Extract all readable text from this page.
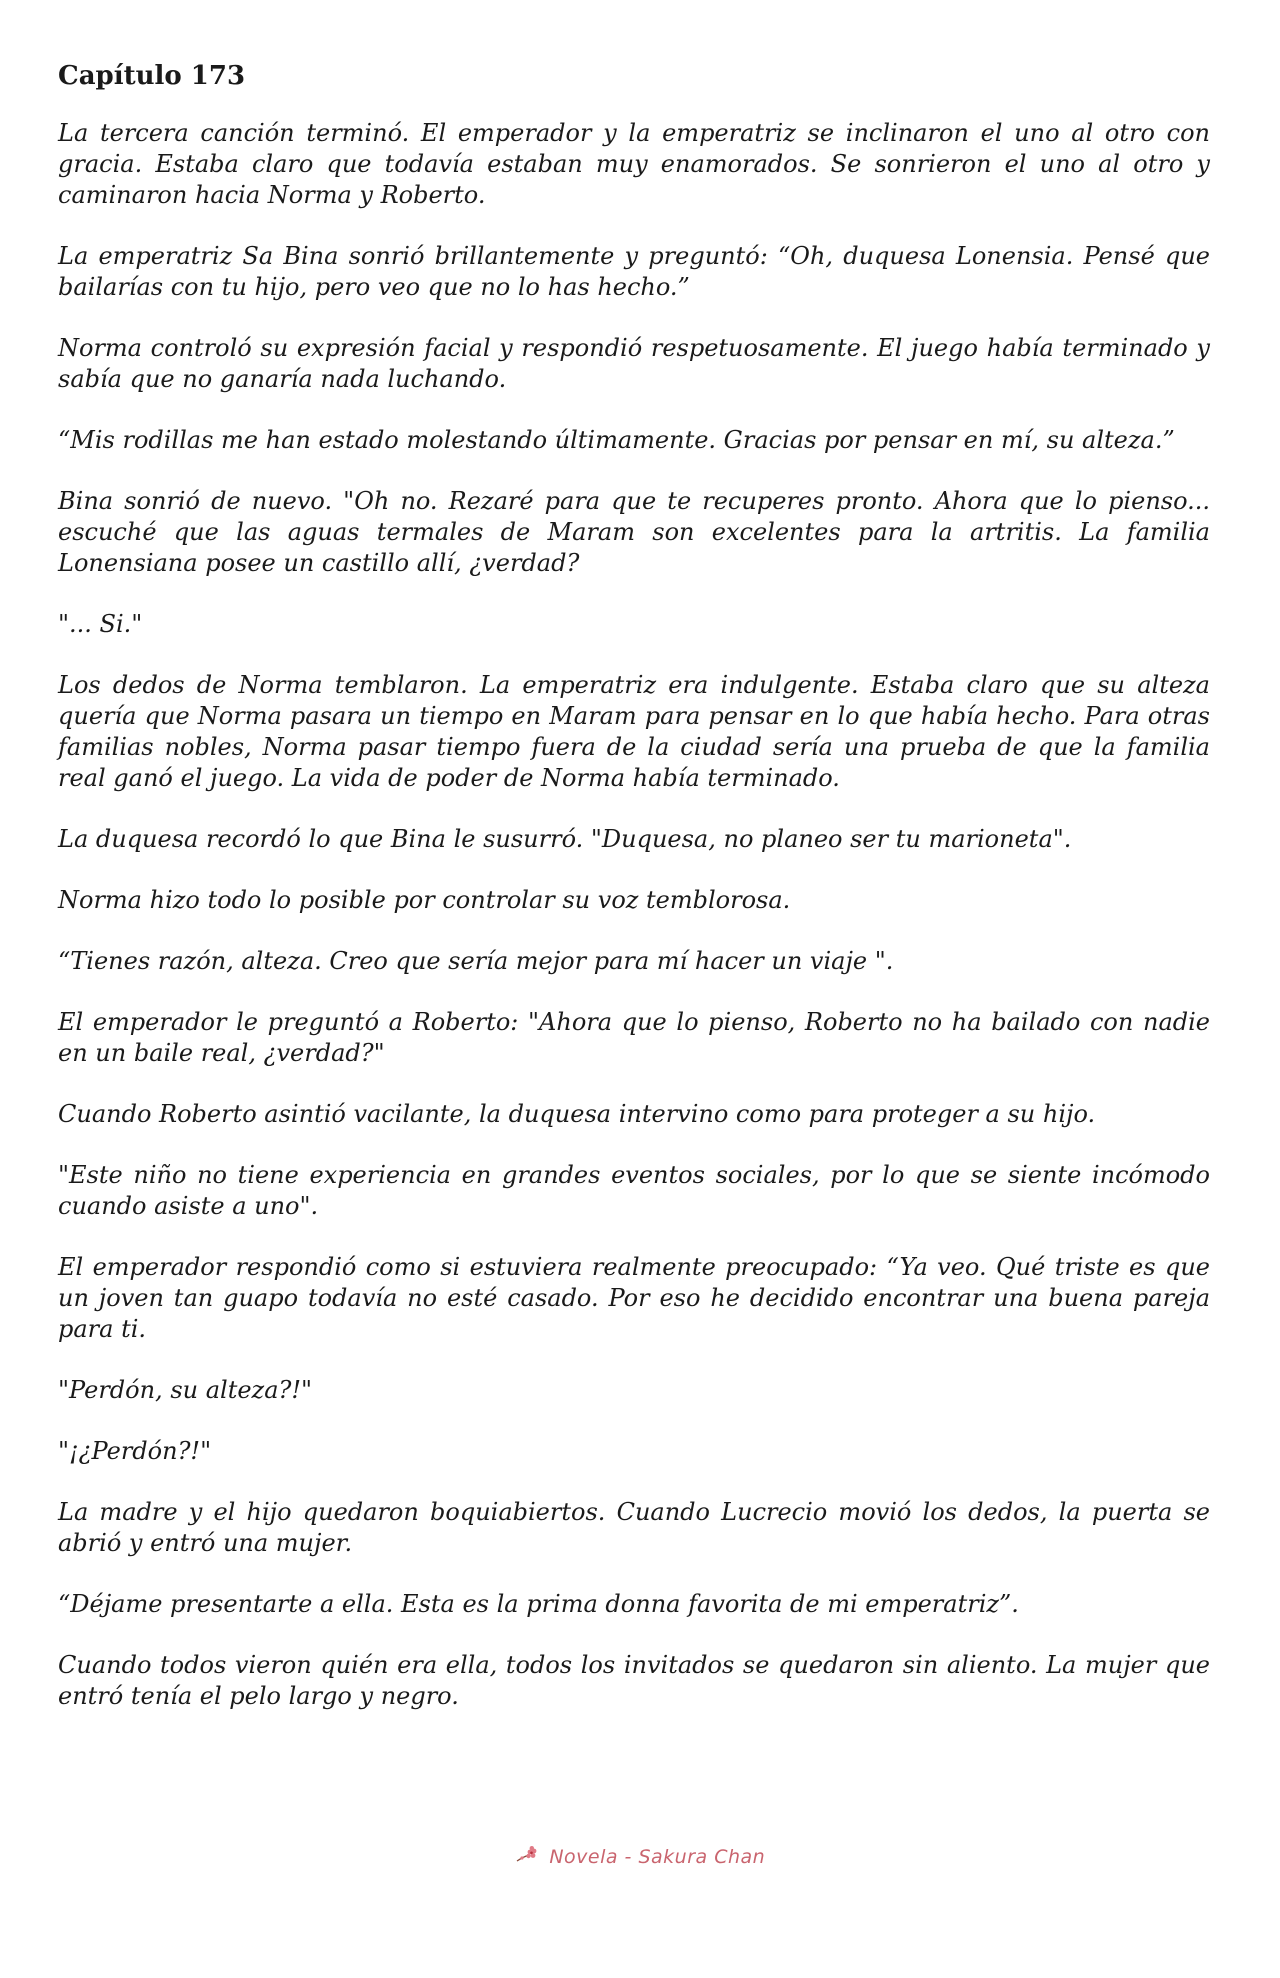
Capítulo 173

La tercera canción terminó. El emperador y la emperatriz se inclinaron el uno al otro con gracia. Estaba claro que todavía estaban muy enamorados. Se sonrieron el uno al otro y caminaron hacia Norma y Roberto.

La emperatriz Sa Bina sonrió brillantemente y preguntó: “Oh, duquesa Lonensia. Pensé que bailarías con tu hijo, pero veo que no lo has hecho.”

Norma controló su expresión facial y respondió respetuosamente. El juego había terminado y sabía que no ganaría nada luchando.

“Mis rodillas me han estado molestando últimamente. Gracias por pensar en mí, su alteza.”

Bina sonrió de nuevo. "Oh no. Rezaré para que te recuperes pronto. Ahora que lo pienso... escuché que las aguas termales de Maram son excelentes para la artritis. La familia Lonensiana posee un castillo allí, ¿verdad?

"... Si."

Los dedos de Norma temblaron. La emperatriz era indulgente. Estaba claro que su alteza quería que Norma pasara un tiempo en Maram para pensar en lo que había hecho. Para otras familias nobles, Norma pasar tiempo fuera de la ciudad sería una prueba de que la familia real ganó el juego. La vida de poder de Norma había terminado.

La duquesa recordó lo que Bina le susurró. "Duquesa, no planeo ser tu marioneta".

Norma hizo todo lo posible por controlar su voz temblorosa.

“Tienes razón, alteza. Creo que sería mejor para mí hacer un viaje ".

El emperador le preguntó a Roberto: "Ahora que lo pienso, Roberto no ha bailado con nadie en un baile real, ¿verdad?"

Cuando Roberto asintió vacilante, la duquesa intervino como para proteger a su hijo.

"Este niño no tiene experiencia en grandes eventos sociales, por lo que se siente incómodo cuando asiste a uno".

El emperador respondió como si estuviera realmente preocupado: “Ya veo. Qué triste es que un joven tan guapo todavía no esté casado. Por eso he decidido encontrar una buena pareja para ti.

"Perdón, su alteza?!"

"¡¿Perdón?!"

La madre y el hijo quedaron boquiabiertos. Cuando Lucrecio movió los dedos, la puerta se abrió y entró una mujer.

“Déjame presentarte a ella. Esta es la prima donna favorita de mi emperatriz”.

Cuando todos vieron quién era ella, todos los invitados se quedaron sin aliento. La mujer que entró tenía el pelo largo y negro.

Novela - Sakura Chan
